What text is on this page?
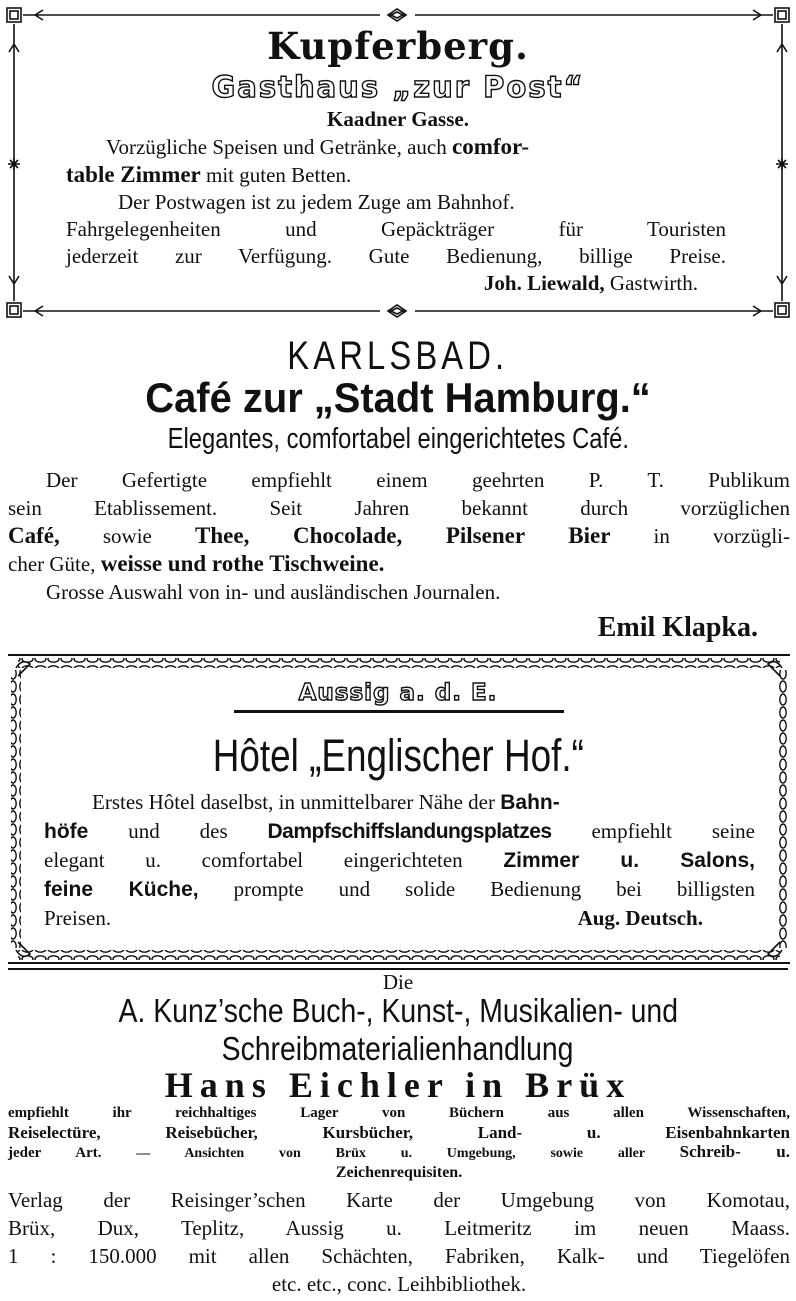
Kupferberg.
Gasthaus „zur Post“
Kaadner Gasse.
Vorzügliche Speisen und Getränke, auch comfor-
table Zimmer mit guten Betten.
Der Postwagen ist zu jedem Zuge am Bahnhof.
Fahrgelegenheiten und Gepäckträger für Touristen
jederzeit zur Verfügung. Gute Bedienung, billige Preise.
Joh. Liewald, Gastwirth.
KARLSBAD.
Café zur „Stadt Hamburg.“
Elegantes, comfortabel eingerichtetes Café.
Der Gefertigte empfiehlt einem geehrten P. T. Publikum
sein Etablissement. Seit Jahren bekannt durch vorzüglichen
Café, sowie Thee, Chocolade, Pilsener Bier in vorzügli-
cher Güte, weisse und rothe Tischweine.
Grosse Auswahl von in- und ausländischen Journalen.
Emil Klapka.
Aussig a. d. E.
Hôtel „Englischer Hof.“
Erstes Hôtel daselbst, in unmittelbarer Nähe der Bahn-
höfe und des Dampfschiffslandungsplatzes empfiehlt seine
elegant u. comfortabel eingerichteten Zimmer u. Salons,
feine Küche, prompte und solide Bedienung bei billigsten
Preisen.	Aug. Deutsch.
Die
A. Kunz’sche Buch-, Kunst-, Musikalien- und
Schreibmaterialienhandlung
Hans Eichler in Brüx
empfiehlt ihr reichhaltiges Lager von Büchern aus allen Wissenschaften,
Reiselectüre, Reisebücher, Kursbücher, Land- u. Eisenbahnkarten
jeder Art. — Ansichten von Brüx u. Umgebung, sowie aller Schreib- u.
Zeichenrequisiten.
Verlag der Reisinger’schen Karte der Umgebung von Komotau,
Brüx, Dux, Teplitz, Aussig u. Leitmeritz im neuen Maass.
1 : 150.000 mit allen Schächten, Fabriken, Kalk- und Tiegelöfen
etc. etc., conc. Leihbibliothek.
